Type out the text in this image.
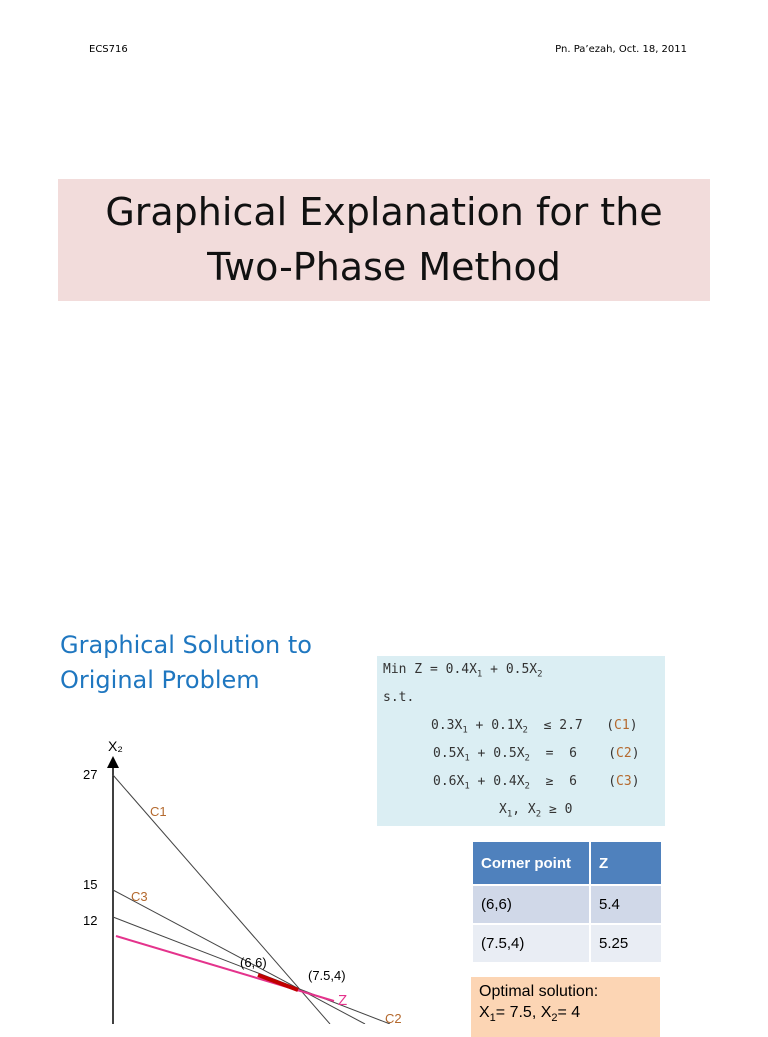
ECS716	Pn. Pa’ezah, Oct. 18, 2011
Graphical Explanation for the
Two-Phase Method
Graphical Solution to
Original Problem	Min $Z = 0.4X_1 + 0.5X_2$
s.t.
$0.3X_1 + 0.1X_2 \le 2.7$   (C1)
$0.5X_1 + 0.5X_2 = 6$    (C2)
$0.6X_1 + 0.4X_2 \ge 6$    (C3)
$X_1$, $X_2 \ge 0$
Corner point	Z
(6,6)	5.4
(7.5,4)	5.25
Optimal solution:
$X_1= 7.5$, $X_2= 4$
X₂
27
15
12
C1
C3
C2
Z
(6,6)
(7.5,4)
